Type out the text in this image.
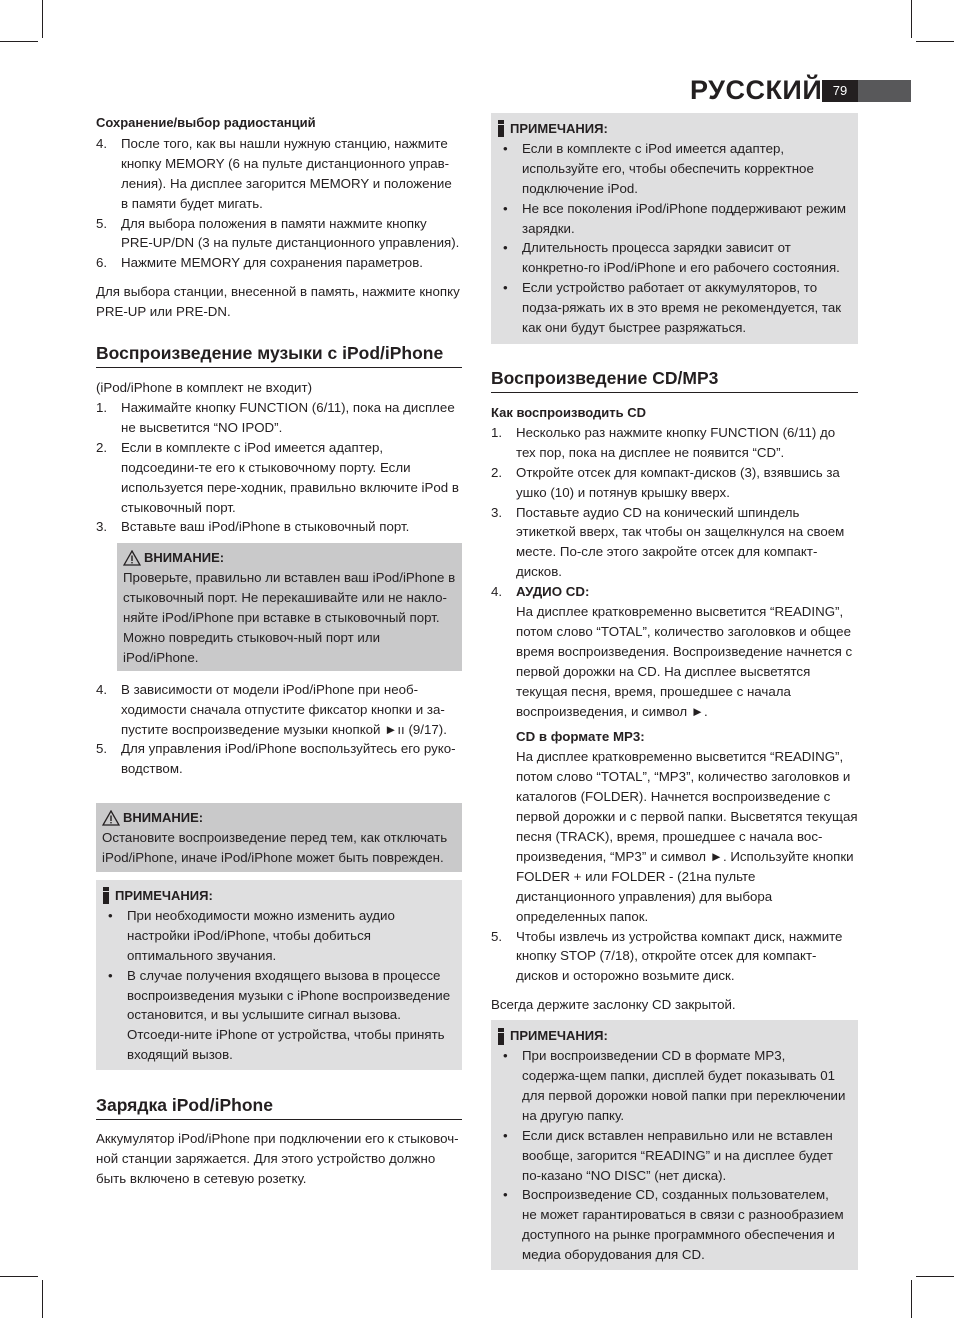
РУССКИЙ 79

Сохранение/выбор радиостанций

4. После того, как вы нашли нужную станцию, нажмите кнопку MEMORY (6 на пульте дистанционного управ-ления). На дисплее загорится MEMORY и положение в памяти будет мигать.
5. Для выбора положения в памяти нажмите кнопку PRE-UP/DN (3 на пульте дистанционного управления).
6. Нажмите MEMORY для сохранения параметров.

Для выбора станции, внесенной в память, нажмите кнопку PRE-UP или PRE-DN.

Воспроизведение музыки с iPod/iPhone

(iPod/iPhone в комплект не входит)

1. Нажимайте кнопку FUNCTION (6/11), пока на дисплее не высветится “NO IPOD”.
2. Если в комплекте с iPod имеется адаптер, подсоедини-те его к стыковочному порту. Если используется пере-ходник, правильно включите iPod в стыковочный порт.
3. Вставьте ваш iPod/iPhone в стыковочный порт.

ВНИМАНИЕ:

Проверьте, правильно ли вставлен ваш iPod/iPhone в стыковочный порт. Не перекашивайте или не накло-няйте iPod/iPhone при вставке в стыковочный порт. Можно повредить стыковоч-ный порт или iPod/iPhone.

4. В зависимости от модели iPod/iPhone при необ-ходимости сначала отпустите фиксатор кнопки и за-пустите воспроизведение музыки кнопкой ►ıı (9/17).
5. Для управления iPod/iPhone воспользуйтесь его руко-водством.

ВНИМАНИЕ:

Остановите воспроизведение перед тем, как отключать iPod/iPhone, иначе iPod/iPhone может быть поврежден.

ПРИМЕЧАНИЯ:

• При необходимости можно изменить аудио настройки iPod/iPhone, чтобы добиться оптимального звучания.
• В случае получения входящего вызова в процессе воспроизведения музыки с iPhone воспроизведение остановится, и вы услышите сигнал вызова. Отсоеди-ните iPhone от устройства, чтобы принять входящий вызов.

Зарядка iPod/iPhone

Аккумулятор iPod/iPhone при подключении его к стыковоч-ной станции заряжается. Для этого устройство должно быть включено в сетевую розетку.

ПРИМЕЧАНИЯ:

• Если в комплекте с iPod имеется адаптер, используйте его, чтобы обеспечить корректное подключение iPod.
• Не все поколения iPod/iPhone поддерживают режим зарядки.
• Длительность процесса зарядки зависит от конкретно-го iPod/iPhone и его рабочего состояния.
• Если устройство работает от аккумуляторов, то подза-ряжать их в это время не рекомендуется, так как они будут быстрее разряжаться.

Воспроизведение CD/MP3

Как воспроизводить CD

1. Несколько раз нажмите кнопку FUNCTION (6/11) до тех пор, пока на дисплее не появится “CD”.
2. Откройте отсек для компакт-дисков (3), взявшись за ушко (10) и потянув крышку вверх.
3. Поставьте аудио CD на конический шпиндель этикеткой вверх, так чтобы он защелкнулся на своем месте. По-сле этого закройте отсек для компакт-дисков.
4. АУДИО CD:
На дисплее кратковременно высветится “READING”, потом слово “TOTAL”, количество заголовков и общее время воспроизведения. Воспроизведение начнется с первой дорожки на CD. На дисплее высветятся текущая песня, время, прошедшее с начала воспроизведения, и символ ►.
CD в формате MP3:
На дисплее кратковременно высветится “READING”, потом слово “TOTAL”, “MP3”, количество заголовков и каталогов (FOLDER). Начнется воспроизведение с первой дорожки и с первой папки. Высветятся текущая песня (TRACK), время, прошедшее с начала вос-произведения, “MP3” и символ ►. Используйте кнопки FOLDER + или FOLDER - (21на пульте дистанционного управления) для выбора определенных папок.
5. Чтобы извлечь из устройства компакт диск, нажмите кнопку STOP (7/18), откройте отсек для компакт-дисков и осторожно возьмите диск.

Всегда держите заслонку CD закрытой.

ПРИМЕЧАНИЯ:

• При воспроизведении CD в формате MP3, содержа-щем папки, дисплей будет показывать 01 для первой дорожки новой папки при переключении на другую папку.
• Если диск вставлен неправильно или не вставлен вообще, загорится “READING” и на дисплее будет по-казано “NO DISC” (нет диска).
• Воспроизведение CD, созданных пользователем, не может гарантироваться в связи с разнообразием доступного на рынке программного обеспечения и медиа оборудования для CD.
